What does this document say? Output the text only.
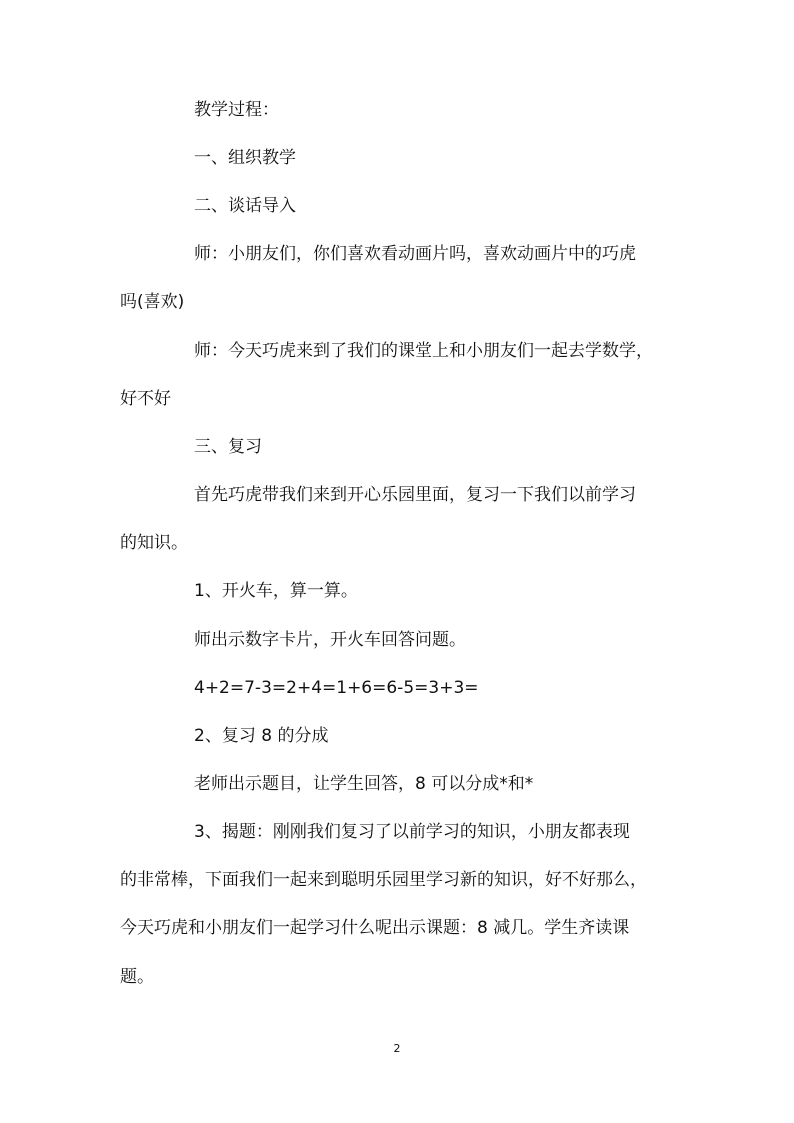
教学过程：
一、组织教学
二、谈话导入
师：小朋友们，你们喜欢看动画片吗，喜欢动画片中的巧虎
吗(喜欢)
师：今天巧虎来到了我们的课堂上和小朋友们一起去学数学，
好不好
三、复习
首先巧虎带我们来到开心乐园里面，复习一下我们以前学习
的知识。
1、开火车，算一算。
师出示数字卡片，开火车回答问题。
4+2=7-3=2+4=1+6=6-5=3+3=
2、复习 8 的分成
老师出示题目，让学生回答，8 可以分成*和*
3、揭题：刚刚我们复习了以前学习的知识，小朋友都表现
的非常棒，下面我们一起来到聪明乐园里学习新的知识，好不好那么，
今天巧虎和小朋友们一起学习什么呢出示课题：8 减几。学生齐读课
题。
2
